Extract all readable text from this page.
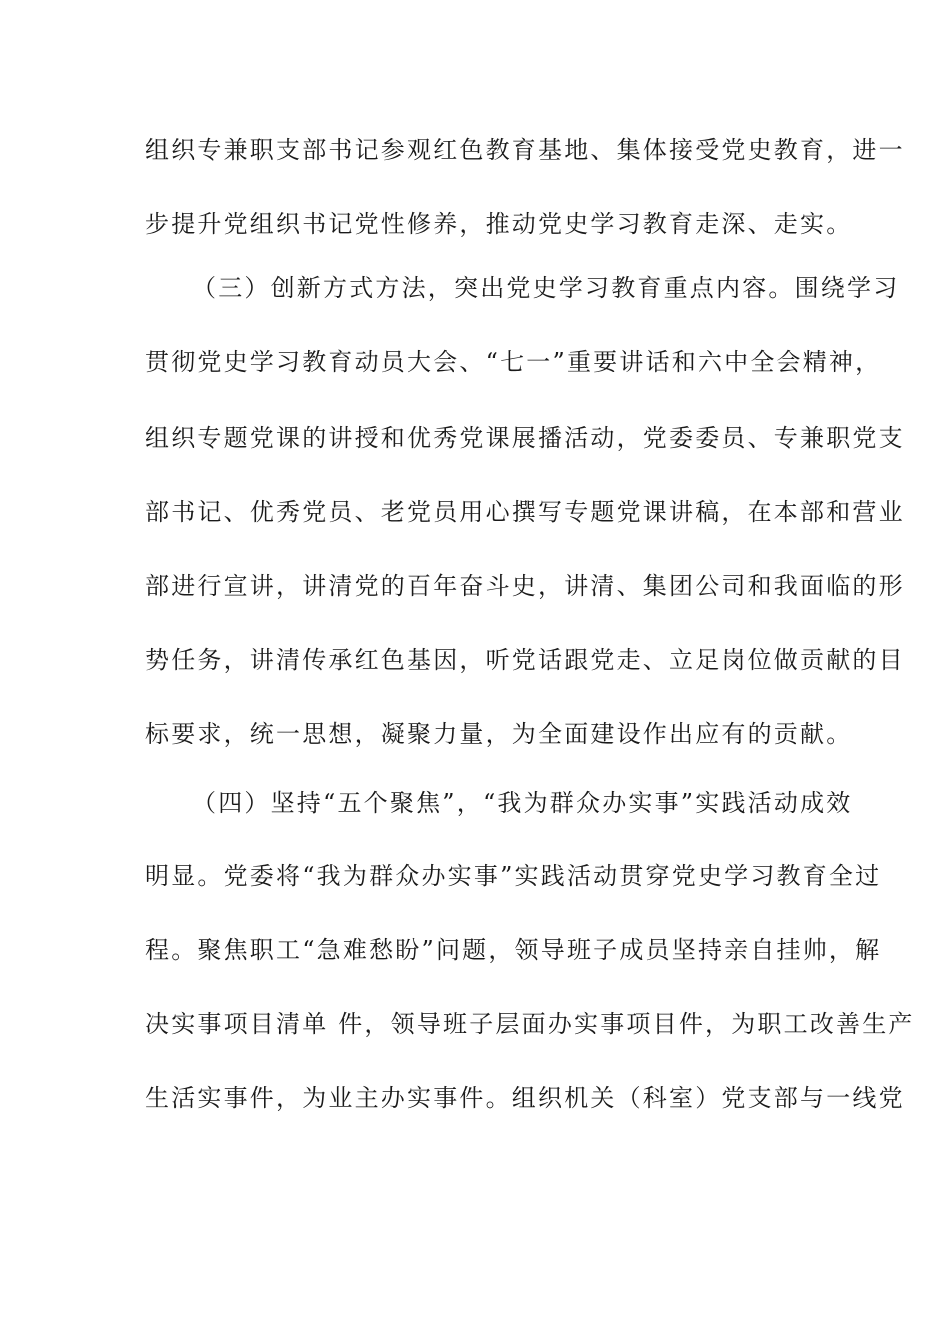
组织专兼职支部书记参观红色教育基地、集体接受党史教育，进一
步提升党组织书记党性修养，推动党史学习教育走深、走实。
（三）创新方式方法，突出党史学习教育重点内容。围绕学习
贯彻党史学习教育动员大会、“七一”重要讲话和六中全会精神，
组织专题党课的讲授和优秀党课展播活动，党委委员、专兼职党支
部书记、优秀党员、老党员用心撰写专题党课讲稿，在本部和营业
部进行宣讲，讲清党的百年奋斗史，讲清、集团公司和我面临的形
势任务，讲清传承红色基因，听党话跟党走、立足岗位做贡献的目
标要求，统一思想，凝聚力量，为全面建设作出应有的贡献。
（四）坚持“五个聚焦”，“我为群众办实事”实践活动成效
明显。党委将“我为群众办实事”实践活动贯穿党史学习教育全过
程。聚焦职工“急难愁盼”问题，领导班子成员坚持亲自挂帅，解
决实事项目清单 件，领导班子层面办实事项目件，为职工改善生产
生活实事件，为业主办实事件。组织机关（科室）党支部与一线党
